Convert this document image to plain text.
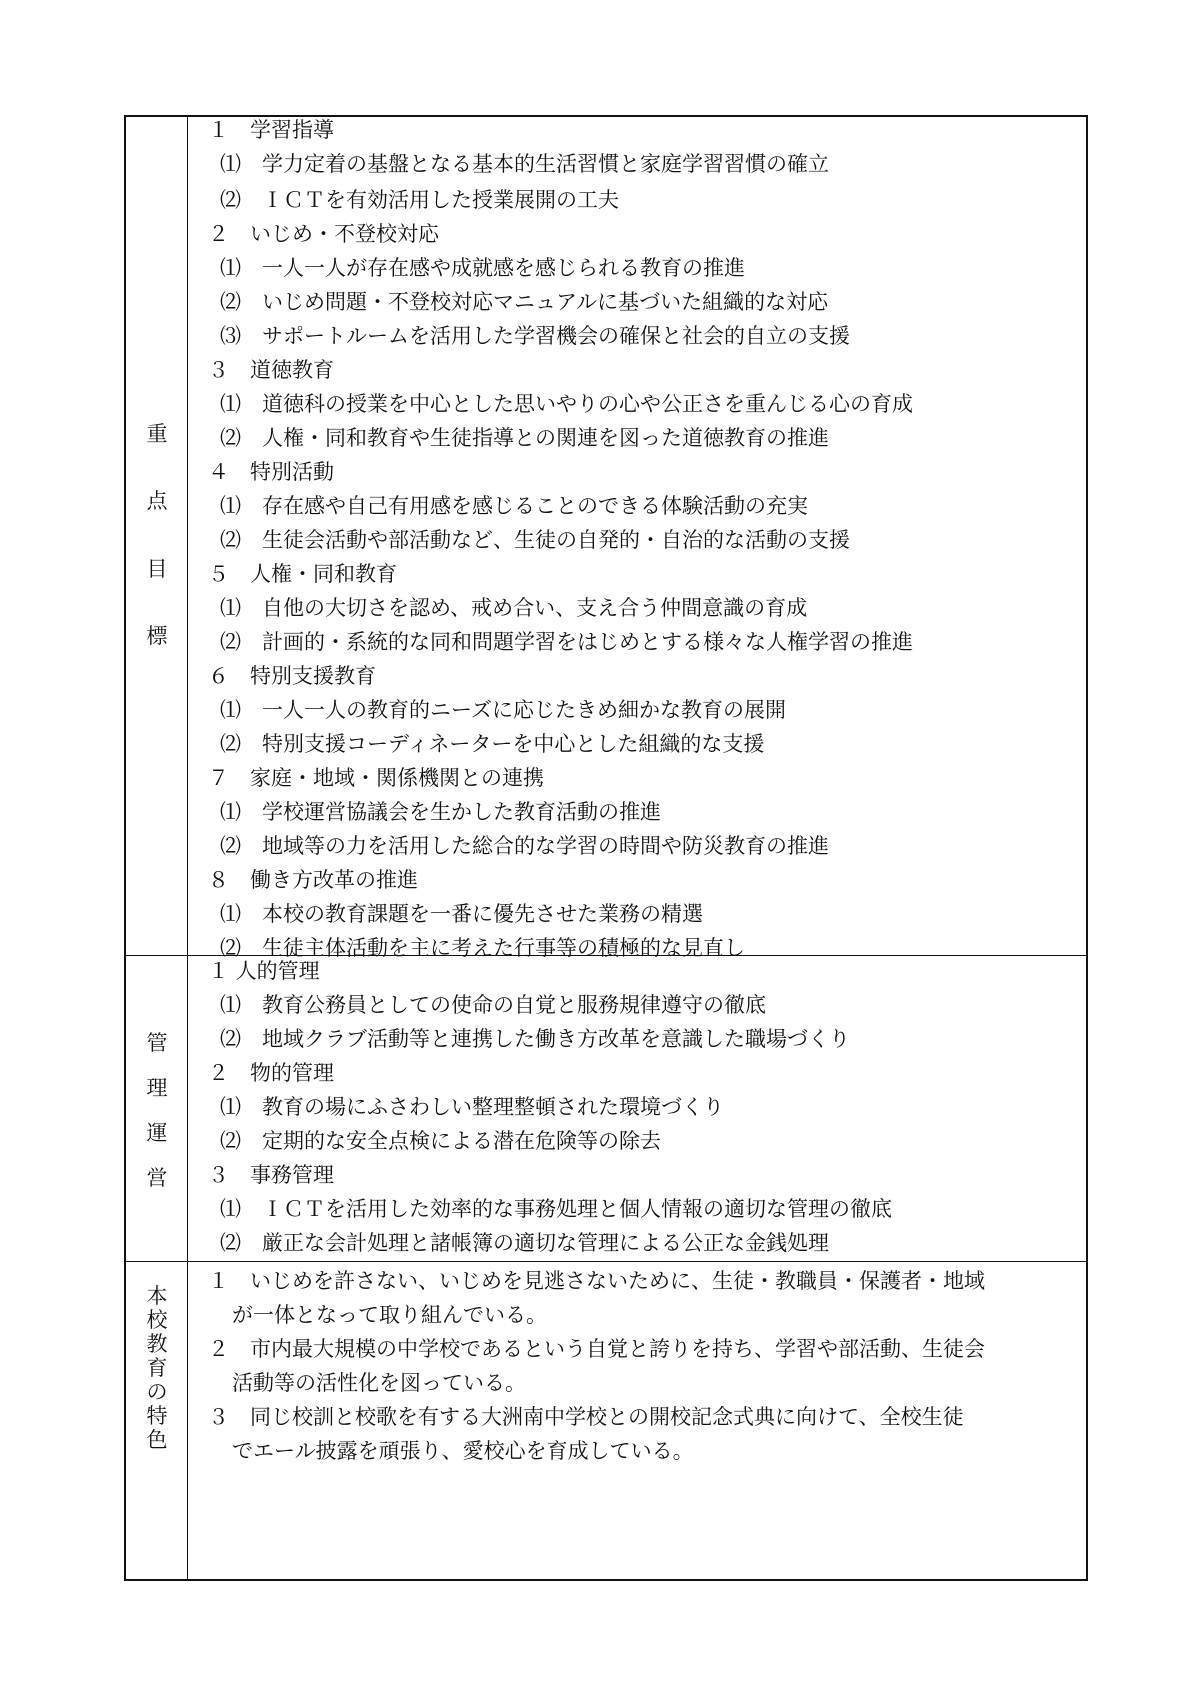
重
点
目
標
１　学習指導
⑴　学力定着の基盤となる基本的生活習慣と家庭学習習慣の確立
⑵　ＩＣＴを有効活用した授業展開の工夫
２　いじめ・不登校対応
⑴　一人一人が存在感や成就感を感じられる教育の推進
⑵　いじめ問題・不登校対応マニュアルに基づいた組織的な対応
⑶　サポートルームを活用した学習機会の確保と社会的自立の支援
３　道徳教育
⑴　道徳科の授業を中心とした思いやりの心や公正さを重んじる心の育成
⑵　人権・同和教育や生徒指導との関連を図った道徳教育の推進
４　特別活動
⑴　存在感や自己有用感を感じることのできる体験活動の充実
⑵　生徒会活動や部活動など、生徒の自発的・自治的な活動の支援
５　人権・同和教育
⑴　自他の大切さを認め、戒め合い、支え合う仲間意識の育成
⑵　計画的・系統的な同和問題学習をはじめとする様々な人権学習の推進
６　特別支援教育
⑴　一人一人の教育的ニーズに応じたきめ細かな教育の展開
⑵　特別支援コーディネーターを中心とした組織的な支援
７　家庭・地域・関係機関との連携
⑴　学校運営協議会を生かした教育活動の推進
⑵　地域等の力を活用した総合的な学習の時間や防災教育の推進
８　働き方改革の推進
⑴　本校の教育課題を一番に優先させた業務の精選
⑵　生徒主体活動を主に考えた行事等の積極的な見直し
管
理
運
営
１ 人的管理
⑴　教育公務員としての使命の自覚と服務規律遵守の徹底
⑵　地域クラブ活動等と連携した働き方改革を意識した職場づくり
２　物的管理
⑴　教育の場にふさわしい整理整頓された環境づくり
⑵　定期的な安全点検による潜在危険等の除去
３　事務管理
⑴　ＩＣＴを活用した効率的な事務処理と個人情報の適切な管理の徹底
⑵　厳正な会計処理と諸帳簿の適切な管理による公正な金銭処理
本
校
教
育
の
特
色
１　いじめを許さない、いじめを見逃さないために、生徒・教職員・保護者・地域
が一体となって取り組んでいる。
２　市内最大規模の中学校であるという自覚と誇りを持ち、学習や部活動、生徒会
活動等の活性化を図っている。
３　同じ校訓と校歌を有する大洲南中学校との開校記念式典に向けて、全校生徒
でエール披露を頑張り、愛校心を育成している。
